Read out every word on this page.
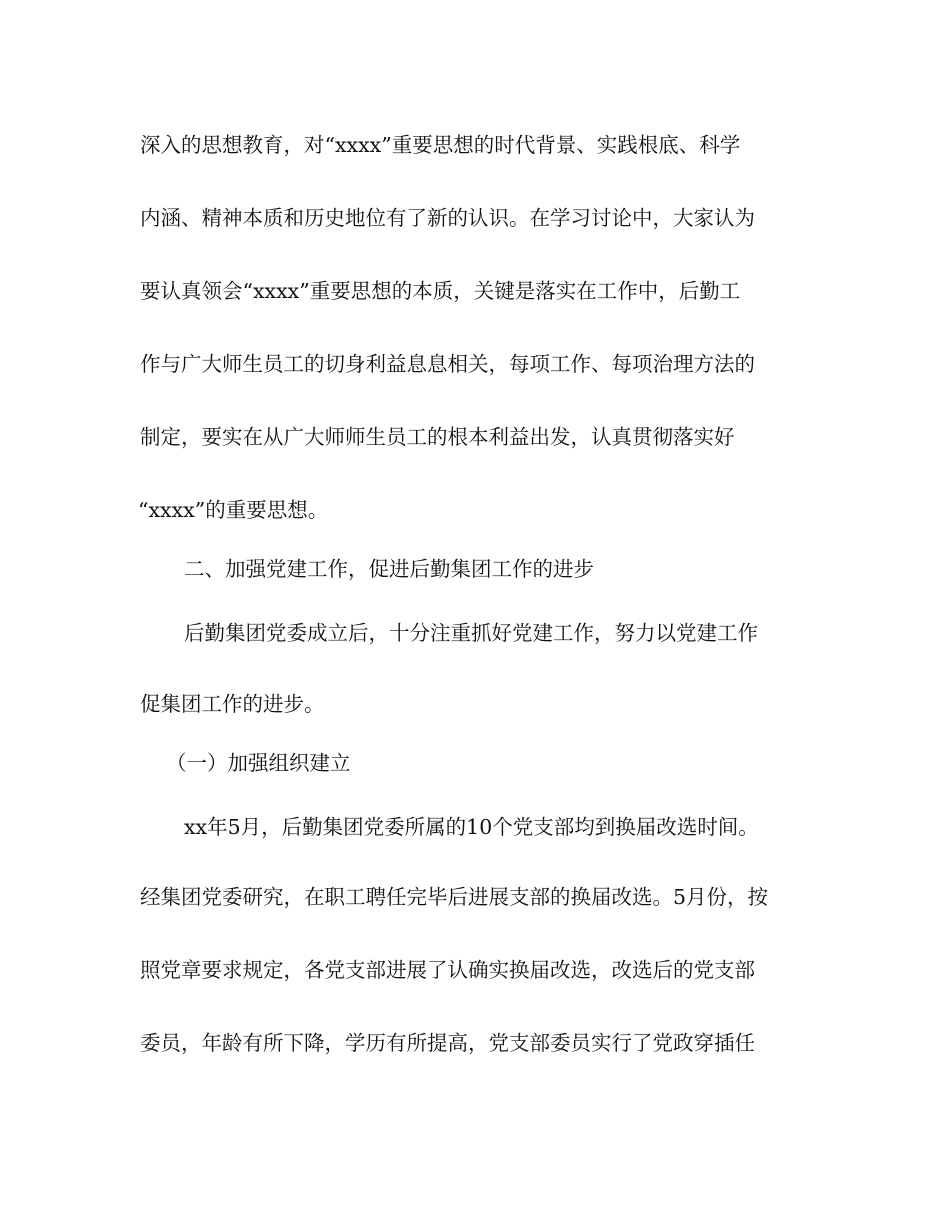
深入的思想教育，对“xxxx”重要思想的时代背景、实践根底、科学
内涵、精神本质和历史地位有了新的认识。在学习讨论中，大家认为
要认真领会“xxxx”重要思想的本质，关键是落实在工作中，后勤工
作与广大师生员工的切身利益息息相关，每项工作、每项治理方法的
制定，要实在从广大师师生员工的根本利益出发，认真贯彻落实好
“xxxx”的重要思想。
二、加强党建工作，促进后勤集团工作的进步
后勤集团党委成立后，十分注重抓好党建工作，努力以党建工作
促集团工作的进步。
（一）加强组织建立
xx年5月，后勤集团党委所属的10个党支部均到换届改选时间。
经集团党委研究，在职工聘任完毕后进展支部的换届改选。5月份，按
照党章要求规定，各党支部进展了认确实换届改选，改选后的党支部
委员，年龄有所下降，学历有所提高，党支部委员实行了党政穿插任
